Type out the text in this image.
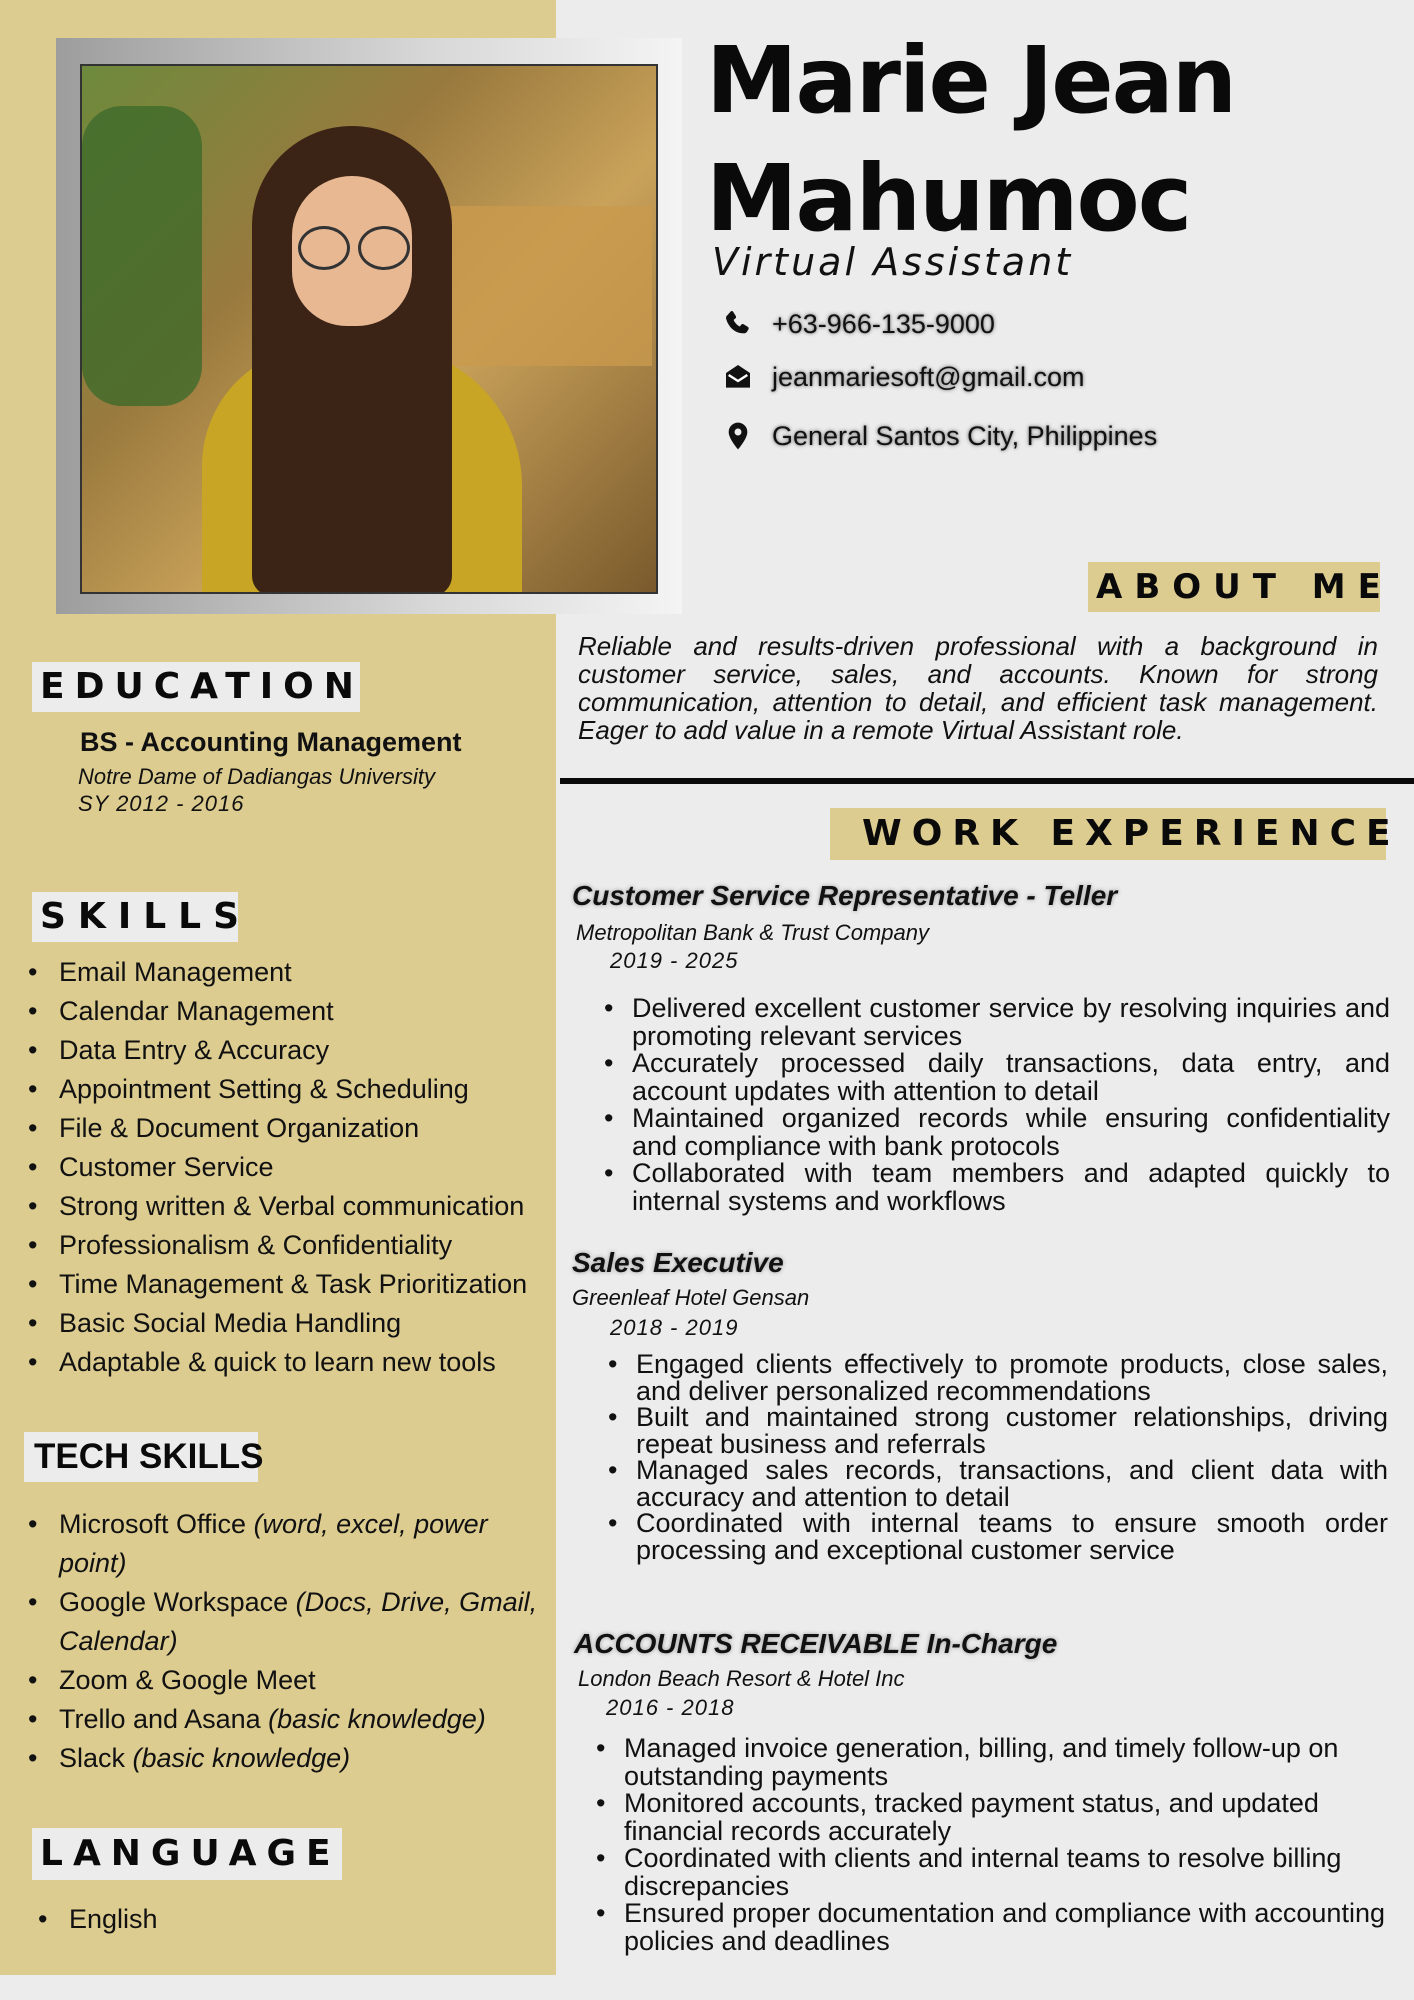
Marie Jean
Mahumoc
Virtual Assistant
+63-966-135-9000
jeanmariesoft@gmail.com
General Santos City, Philippines
ABOUT ME
Reliable and results-driven professional with a background in customer service, sales, and accounts. Known for strong communication, attention to detail, and efficient task management. Eager to add value in a remote Virtual Assistant role.
WORK EXPERIENCE
EDUCATION
BS - Accounting Management
Notre Dame of Dadiangas University
SY 2012 - 2016
SKILLS
• Email Management
• Calendar Management
• Data Entry & Accuracy
• Appointment Setting & Scheduling
• File & Document Organization
• Customer Service
• Strong written & Verbal communication
• Professionalism & Confidentiality
• Time Management & Task Prioritization
• Basic Social Media Handling
• Adaptable & quick to learn new tools
TECH SKILLS
• Microsoft Office (word, excel, power point)
• Google Workspace (Docs, Drive, Gmail, Calendar)
• Zoom & Google Meet
• Trello and Asana (basic knowledge)
• Slack (basic knowledge)
LANGUAGE
• English
Customer Service Representative - Teller
Metropolitan Bank & Trust Company
2019 - 2025
• Delivered excellent customer service by resolving inquiries and promoting relevant services
• Accurately processed daily transactions, data entry, and account updates with attention to detail
• Maintained organized records while ensuring confidentiality and compliance with bank protocols
• Collaborated with team members and adapted quickly to internal systems and workflows
Sales Executive
Greenleaf Hotel Gensan
2018 - 2019
• Engaged clients effectively to promote products, close sales, and deliver personalized recommendations
• Built and maintained strong customer relationships, driving repeat business and referrals
• Managed sales records, transactions, and client data with accuracy and attention to detail
• Coordinated with internal teams to ensure smooth order processing and exceptional customer service
ACCOUNTS RECEIVABLE In-Charge
London Beach Resort & Hotel Inc
2016 - 2018
• Managed invoice generation, billing, and timely follow-up on outstanding payments
• Monitored accounts, tracked payment status, and updated financial records accurately
• Coordinated with clients and internal teams to resolve billing discrepancies
• Ensured proper documentation and compliance with accounting policies and deadlines
